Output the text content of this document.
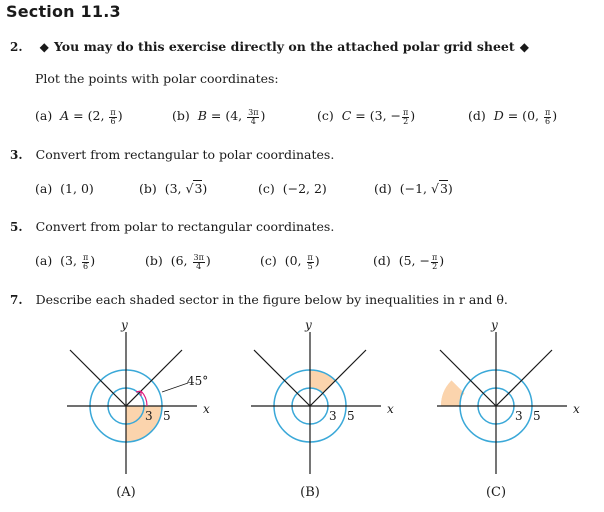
Section 11.3
2. ◆ You may do this exercise directly on the attached polar grid sheet ◆
Plot the points with polar coordinates:
(a) A = (2, $\frac{\pi}{6}$ )	(b) B = (4, $\frac{3\pi}{4}$ )	(c) C = (3, − $\frac{\pi}{2}$ )	(d) D = (0, $\frac{\pi}{6}$ )
3. Convert from rectangular to polar coordinates.
(a) (1, 0)	(b) (3, √3)	(c) (−2, 2)	(d) (−1, √3)
5. Convert from polar to rectangular coordinates.
(a)  (3, $\frac{\pi}{6}$ )	(b)  (6, $\frac{3\pi}{4}$ )	(c)  (0, $\frac{\pi}{5}$ )	(d)  (5, − $\frac{\pi}{2}$ )
7. Describe each shaded sector in the figure below by inequalities in r and θ.
45°
y
x
3 5
(A)
y
x
3 5
(B)
y
x
3 5
(C)
